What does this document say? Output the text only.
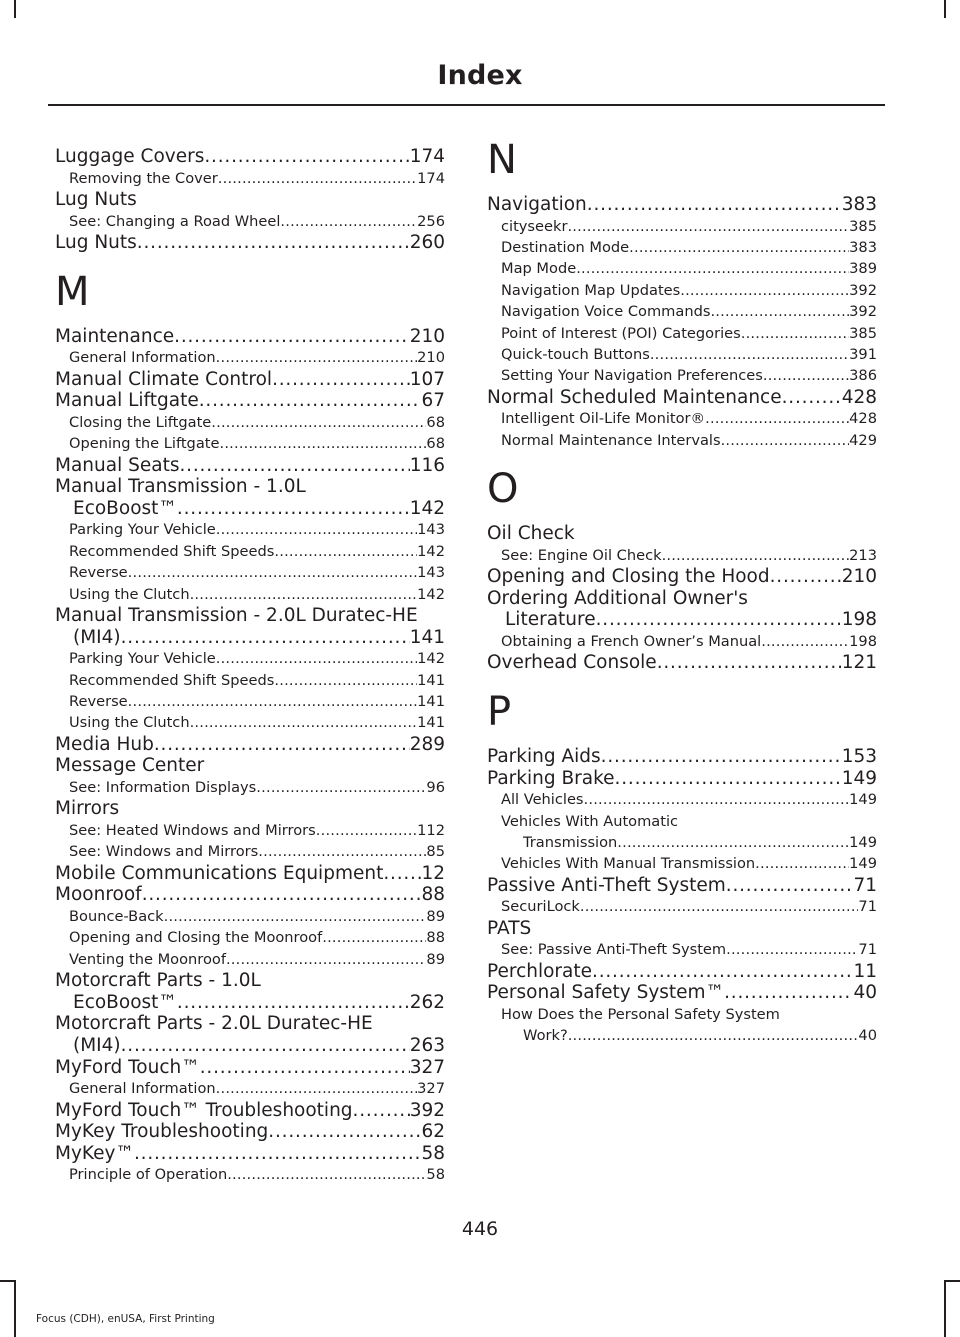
Index
Luggage Covers .....	174
Removing the Cover .....	174
Lug Nuts
See: Changing a Road Wheel .....	256
Lug Nuts .....	260
M
Maintenance .....	210
General Information .....	210
Manual Climate Control .....	107
Manual Liftgate .....	67
Closing the Liftgate .....	68
Opening the Liftgate .....	68
Manual Seats .....	116
Manual Transmission - 1.0L
EcoBoost™ .....	142
Parking Your Vehicle .....	143
Recommended Shift Speeds .....	142
Reverse .....	143
Using the Clutch .....	142
Manual Transmission - 2.0L Duratec-HE
(MI4) .....	141
Parking Your Vehicle .....	142
Recommended Shift Speeds .....	141
Reverse .....	141
Using the Clutch .....	141
Media Hub .....	289
Message Center
See: Information Displays .....	96
Mirrors
See: Heated Windows and Mirrors .....	112
See: Windows and Mirrors .....	85
Mobile Communications Equipment ..... 12
Moonroof .....	88
Bounce-Back .....	89
Opening and Closing the Moonroof .....	88
Venting the Moonroof .....	89
Motorcraft Parts - 1.0L
EcoBoost™ .....	262
Motorcraft Parts - 2.0L Duratec-HE
(MI4) .....	263
MyFord Touch™ .....	327
General Information .....	327
MyFord Touch™ Troubleshooting .....	392
MyKey Troubleshooting .....	62
MyKey™ .....	58
Principle of Operation .....	58
N
Navigation .....	383
cityseekr .....	385
Destination Mode .....	383
Map Mode .....	389
Navigation Map Updates .....	392
Navigation Voice Commands .....	392
Point of Interest (POI) Categories .....	385
Quick-touch Buttons .....	391
Setting Your Navigation Preferences .....	386
Normal Scheduled Maintenance .....	428
Intelligent Oil-Life Monitor® .....	428
Normal Maintenance Intervals .....	429
O
Oil Check
See: Engine Oil Check .....	213
Opening and Closing the Hood .....	210
Ordering Additional Owner's
Literature .....	198
Obtaining a French Owner’s Manual .....	198
Overhead Console .....	121
P
Parking Aids .....	153
Parking Brake .....	149
All Vehicles .....	149
Vehicles With Automatic
Transmission .....	149
Vehicles With Manual Transmission .....	149
Passive Anti-Theft System .....	71
SecuriLock .....	71
PATS
See: Passive Anti-Theft System .....	71
Perchlorate .....	11
Personal Safety System™ .....	40
How Does the Personal Safety System
Work? .....	40
446
Focus (CDH), enUSA, First Printing
